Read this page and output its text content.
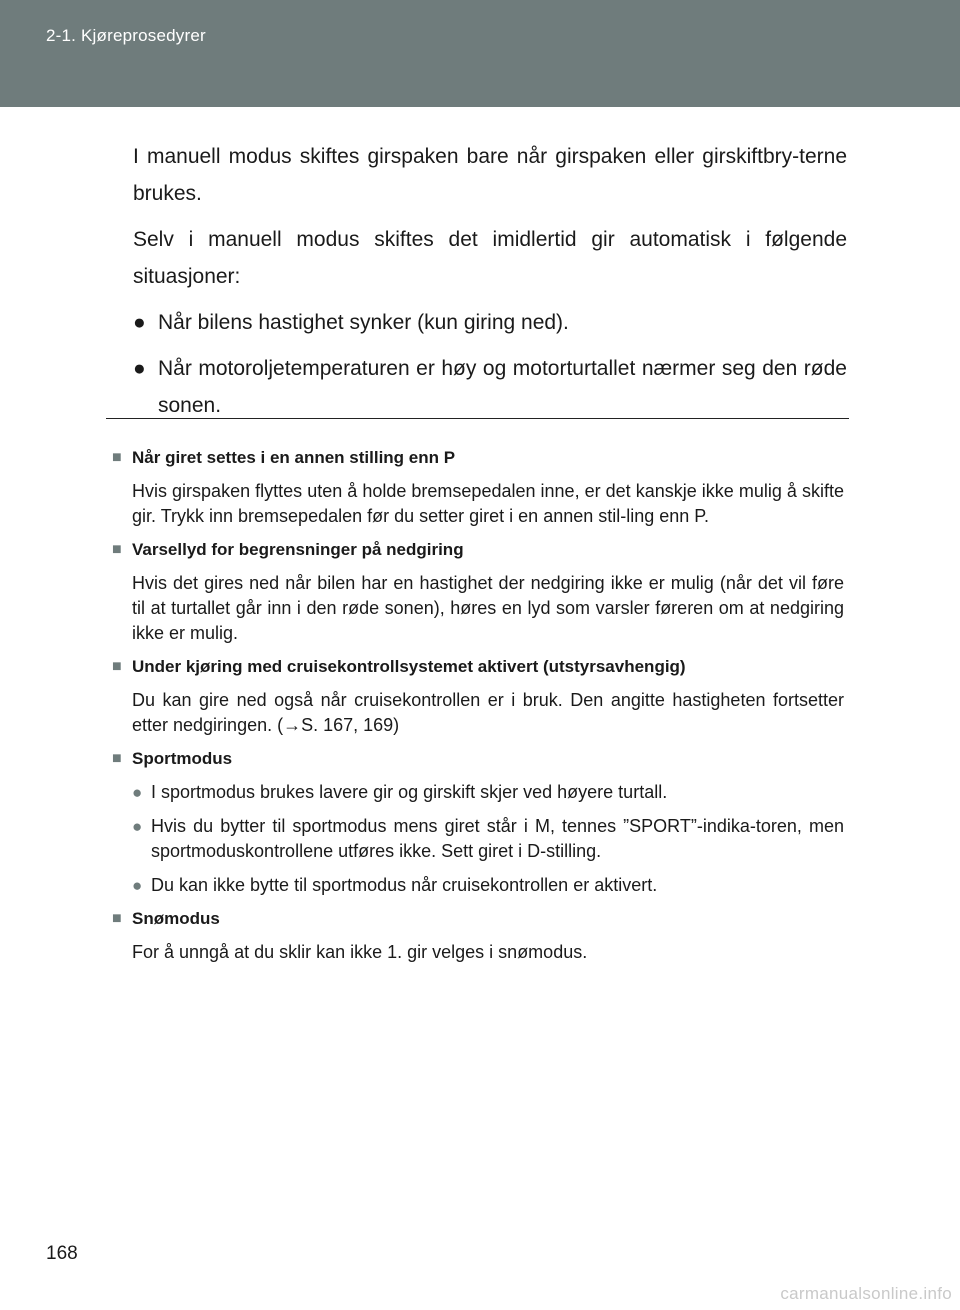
2-1. Kjøreprosedyrer

I manuell modus skiftes girspaken bare når girspaken eller girskiftbry-terne brukes.

Selv i manuell modus skiftes det imidlertid gir automatisk i følgende situasjoner:

● Når bilens hastighet synker (kun giring ned).
● Når motoroljetemperaturen er høy og motorturtallet nærmer seg den røde sonen.
■ Når giret settes i en annen stilling enn P
Hvis girspaken flyttes uten å holde bremsepedalen inne, er det kanskje ikke mulig å skifte gir. Trykk inn bremsepedalen før du setter giret i en annen stil-ling enn P.
■ Varsellyd for begrensninger på nedgiring
Hvis det gires ned når bilen har en hastighet der nedgiring ikke er mulig (når det vil føre til at turtallet går inn i den røde sonen), høres en lyd som varsler føreren om at nedgiring ikke er mulig.
■ Under kjøring med cruisekontrollsystemet aktivert (utstyrsavhengig)
Du kan gire ned også når cruisekontrollen er i bruk. Den angitte hastigheten fortsetter etter nedgiringen. (→S. 167, 169)
■ Sportmodus
● I sportmodus brukes lavere gir og girskift skjer ved høyere turtall.
● Hvis du bytter til sportmodus mens giret står i M, tennes ”SPORT”-indika-toren, men sportmoduskontrollene utføres ikke. Sett giret i D-stilling.
● Du kan ikke bytte til sportmodus når cruisekontrollen er aktivert.
■ Snømodus
For å unngå at du sklir kan ikke 1. gir velges i snømodus.
168
carmanualsonline.info
